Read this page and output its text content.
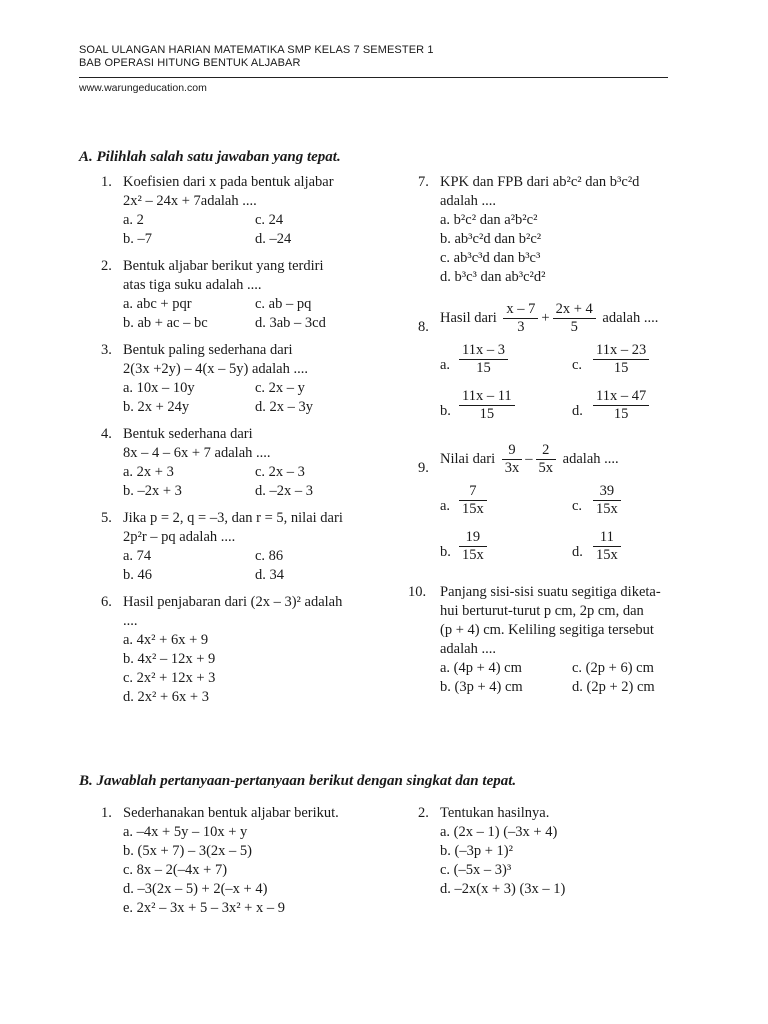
SOAL ULANGAN HARIAN MATEMATIKA SMP KELAS 7 SEMESTER 1
BAB OPERASI HITUNG BENTUK ALJABAR
www.warungeducation.com
A. Pilihlah salah satu jawaban yang tepat.
1. Koefisien dari x pada bentuk aljabar
2x² – 24x + 7adalah ....
a. 2	c. 24
b. –7	d. –24
2. Bentuk aljabar berikut yang terdiri
atas tiga suku adalah ....
a. abc + pqr	c. ab – pq
b. ab + ac – bc	d. 3ab – 3cd
3. Bentuk paling sederhana dari
2(3x +2y) – 4(x – 5y) adalah ....
a. 10x – 10y	c. 2x – y
b. 2x + 24y	d. 2x – 3y
4. Bentuk sederhana dari
8x – 4 – 6x + 7 adalah ....
a. 2x + 3	c. 2x – 3
b. –2x + 3	d. –2x – 3
5. Jika p = 2, q = –3, dan r = 5, nilai dari
2p²r – pq adalah ....
a. 74	c. 86
b. 46	d. 34
6. Hasil penjabaran dari (2x – 3)² adalah
....
a. 4x² + 6x + 9
b. 4x² – 12x + 9
c. 2x² + 12x + 3
d. 2x² + 6x + 3
7. KPK dan FPB dari ab²c² dan b³c²d
adalah ....
a. b²c² dan a²b²c²
b. ab³c²d dan b²c²
c. ab³c³d dan b³c³
d. b³c³ dan ab³c²d²
8.
Hasil dari $\frac{x - 7}{3} + \frac{2x + 4}{5}$ adalah ....
a. $\frac{11x - 3}{15}$	c. $\frac{11x - 23}{15}$
b. $\frac{11x - 11}{15}$	d. $\frac{11x - 47}{15}$
9.
Nilai dari $\frac{9}{3x} - \frac{2}{5x}$ adalah ....
a. $\frac{7}{15x}$	c. $\frac{39}{15x}$
b. $\frac{19}{15x}$	d. $\frac{11}{15x}$
10. Panjang sisi-sisi suatu segitiga diketa-
hui berturut-turut p cm, 2p cm, dan
(p + 4) cm. Keliling segitiga tersebut
adalah ....
a. (4p + 4) cm	c. (2p + 6) cm
b. (3p + 4) cm	d. (2p + 2) cm
B. Jawablah pertanyaan-pertanyaan berikut dengan singkat dan tepat.
1. Sederhanakan bentuk aljabar berikut.
a. –4x + 5y – 10x + y
b. (5x + 7) – 3(2x – 5)
c. 8x – 2(–4x + 7)
d. –3(2x – 5) + 2(–x + 4)
e. 2x² – 3x + 5 – 3x² + x – 9
2. Tentukan hasilnya.
a. (2x – 1) (–3x + 4)
b. (–3p + 1)²
c. (–5x – 3)³
d. –2x(x + 3) (3x – 1)
